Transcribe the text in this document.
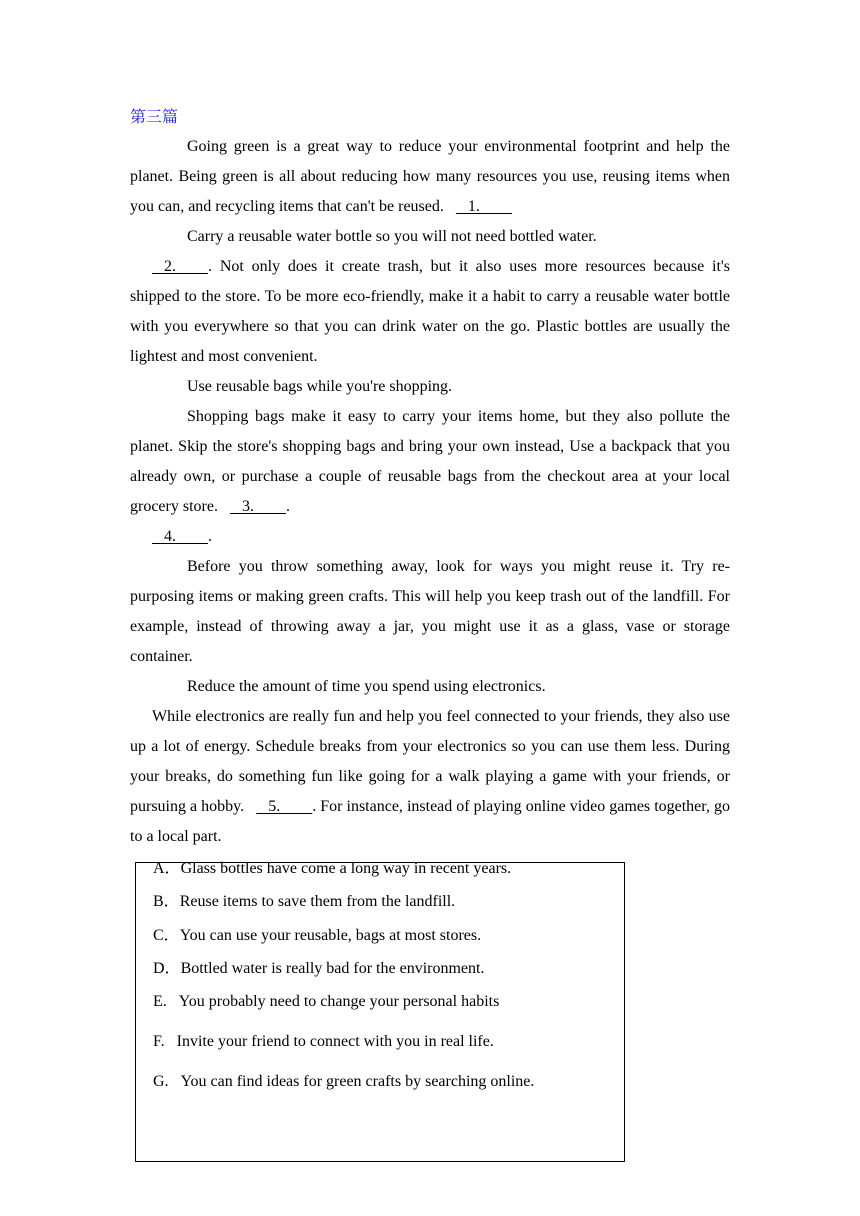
第三篇

Going green is a great way to reduce your environmental footprint and help the planet. Being green is all about reducing how many resources you use, reusing items when you can, and recycling items that can't be reused.      1.

Carry a reusable water bottle so you will not need bottled water.

2.        . Not only does it create trash, but it also uses more resources because it's shipped to the store. To be more eco-friendly, make it a habit to carry a reusable water bottle with you everywhere so that you can drink water on the go. Plastic bottles are usually the lightest and most convenient.

Use reusable bags while you're shopping.

Shopping bags make it easy to carry your items home, but they also pollute the planet. Skip the store's shopping bags and bring your own instead, Use a backpack that you already own, or purchase a couple of reusable bags from the checkout area at your local grocery store.      3.        .

4.        .

Before you throw something away, look for ways you might reuse it. Try re-purposing items or making green crafts. This will help you keep trash out of the landfill. For example, instead of throwing away a jar, you might use it as a glass, vase or storage container.

Reduce the amount of time you spend using electronics.

While electronics are really fun and help you feel connected to your friends, they also use up a lot of energy. Schedule breaks from your electronics so you can use them less. During your breaks, do something fun like going for a walk playing a game with your friends, or pursuing a hobby.      5.        . For instance, instead of playing online video games together, go to a local part.

A．Glass bottles have come a long way in recent years.
B．Reuse items to save them from the landfill.
C．You can use your reusable, bags at most stores.
D．Bottled water is really bad for the environment.
E.   You probably need to change your personal habits
F.   Invite your friend to connect with you in real life.
G.   You can find ideas for green crafts by searching online.
